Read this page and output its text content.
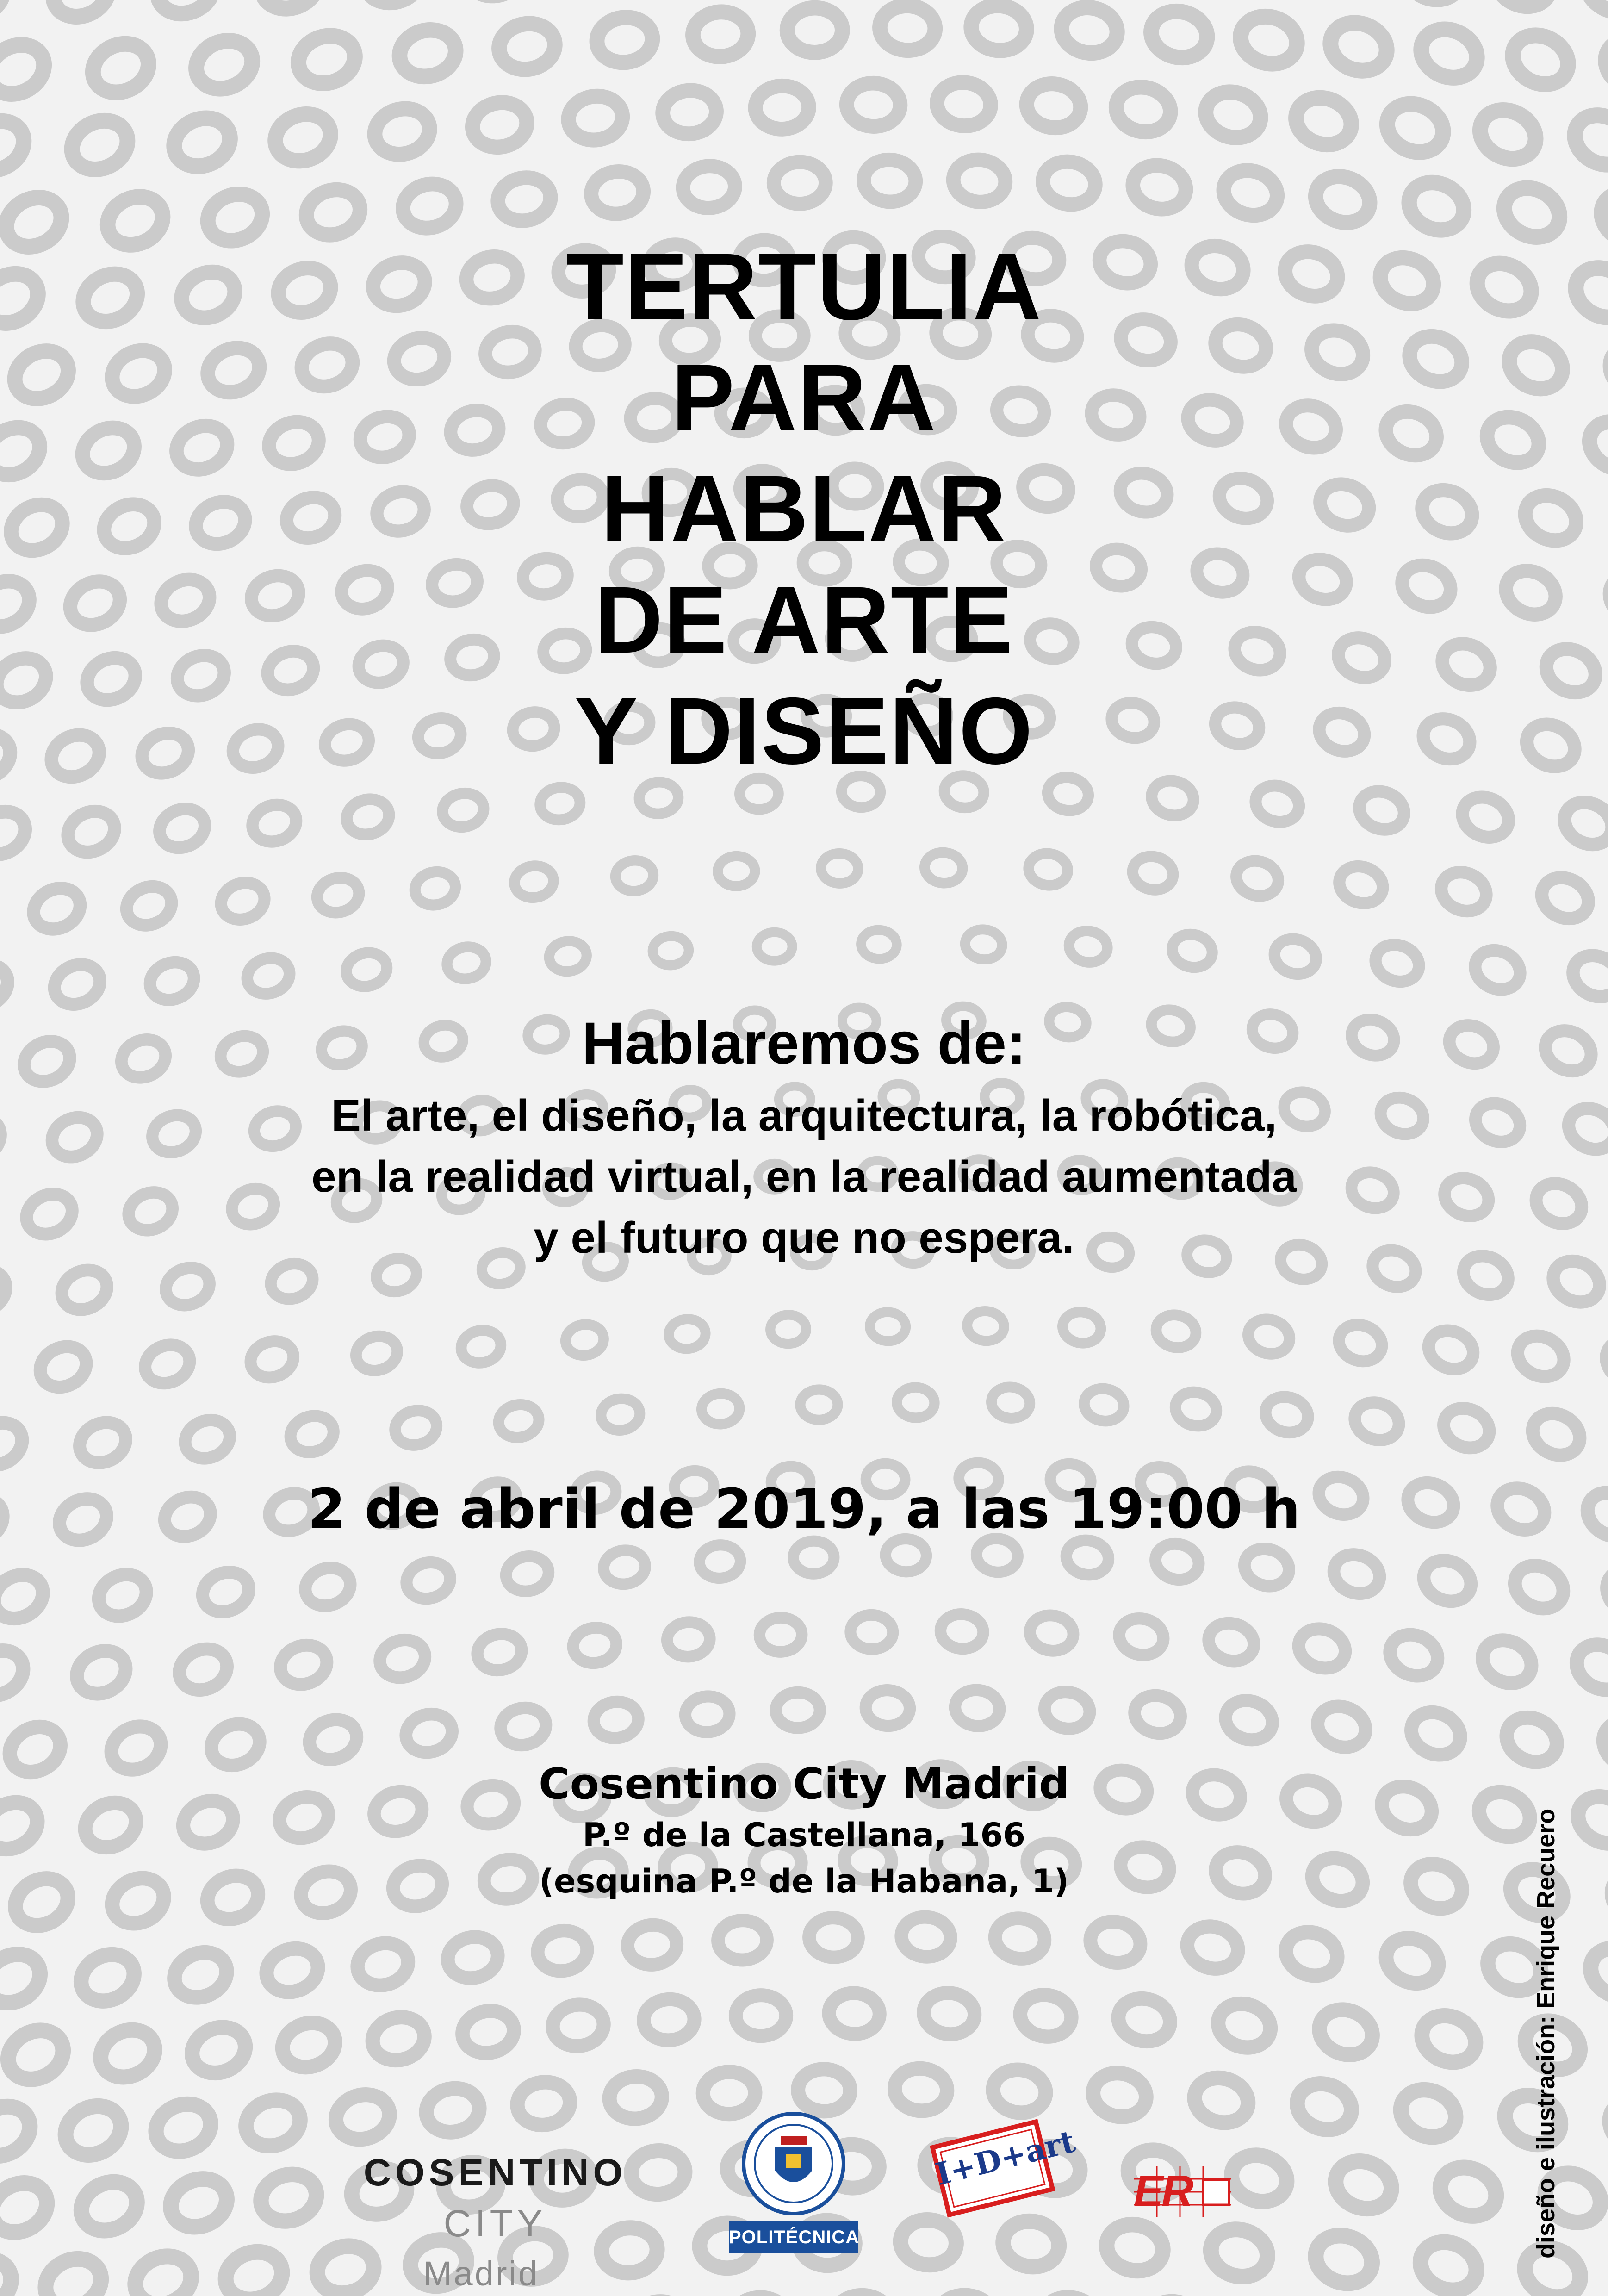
TERTULIA
PARA
HABLAR
DE ARTE
Y DISEÑO
Hablaremos de:
El arte, el diseño, la arquitectura, la robótica,
en la realidad virtual, en la realidad aumentada
y el futuro que no espera.
2 de abril de 2019, a las 19:00 h
Cosentino City Madrid
P.º de la Castellana, 166
(esquina P.º de la Habana, 1)	diseño e ilustración: Enrique Recuero
COSENTINO CITY
Madrid
POLITÉCNICA
I+D+art ER
